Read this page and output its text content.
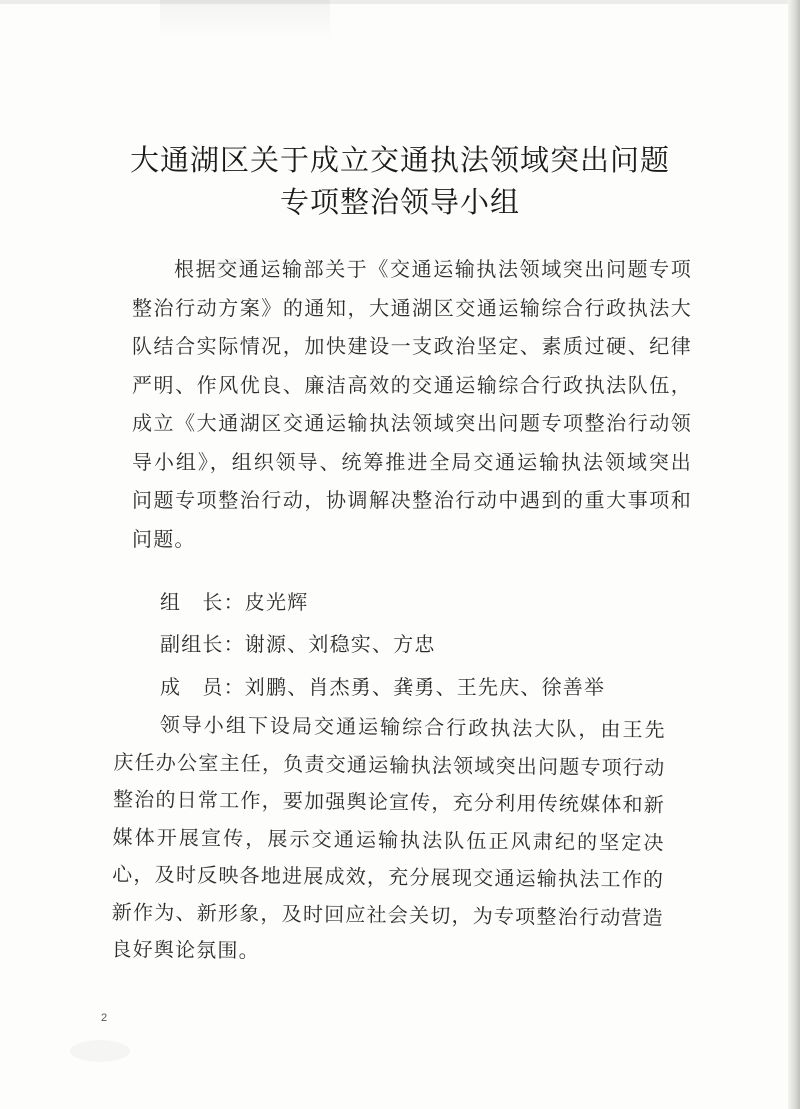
大通湖区关于成立交通执法领域突出问题
专项整治领导小组
根据交通运输部关于《交通运输执法领域突出问题专项整治行动方案》的通知，大通湖区交通运输综合行政执法大队结合实际情况，加快建设一支政治坚定、素质过硬、纪律严明、作风优良、廉洁高效的交通运输综合行政执法队伍，成立《大通湖区交通运输执法领域突出问题专项整治行动领导小组》，组织领导、统筹推进全局交通运输执法领域突出问题专项整治行动，协调解决整治行动中遇到的重大事项和问题。
组　长：皮光辉
副组长：谢源、刘稳实、方忠
成　员：刘鹏、肖杰勇、龚勇、王先庆、徐善举
领导小组下设局交通运输综合行政执法大队，由王先庆任办公室主任，负责交通运输执法领域突出问题专项行动整治的日常工作，要加强舆论宣传，充分利用传统媒体和新媒体开展宣传，展示交通运输执法队伍正风肃纪的坚定决心，及时反映各地进展成效，充分展现交通运输执法工作的新作为、新形象，及时回应社会关切，为专项整治行动营造良好舆论氛围。
2
